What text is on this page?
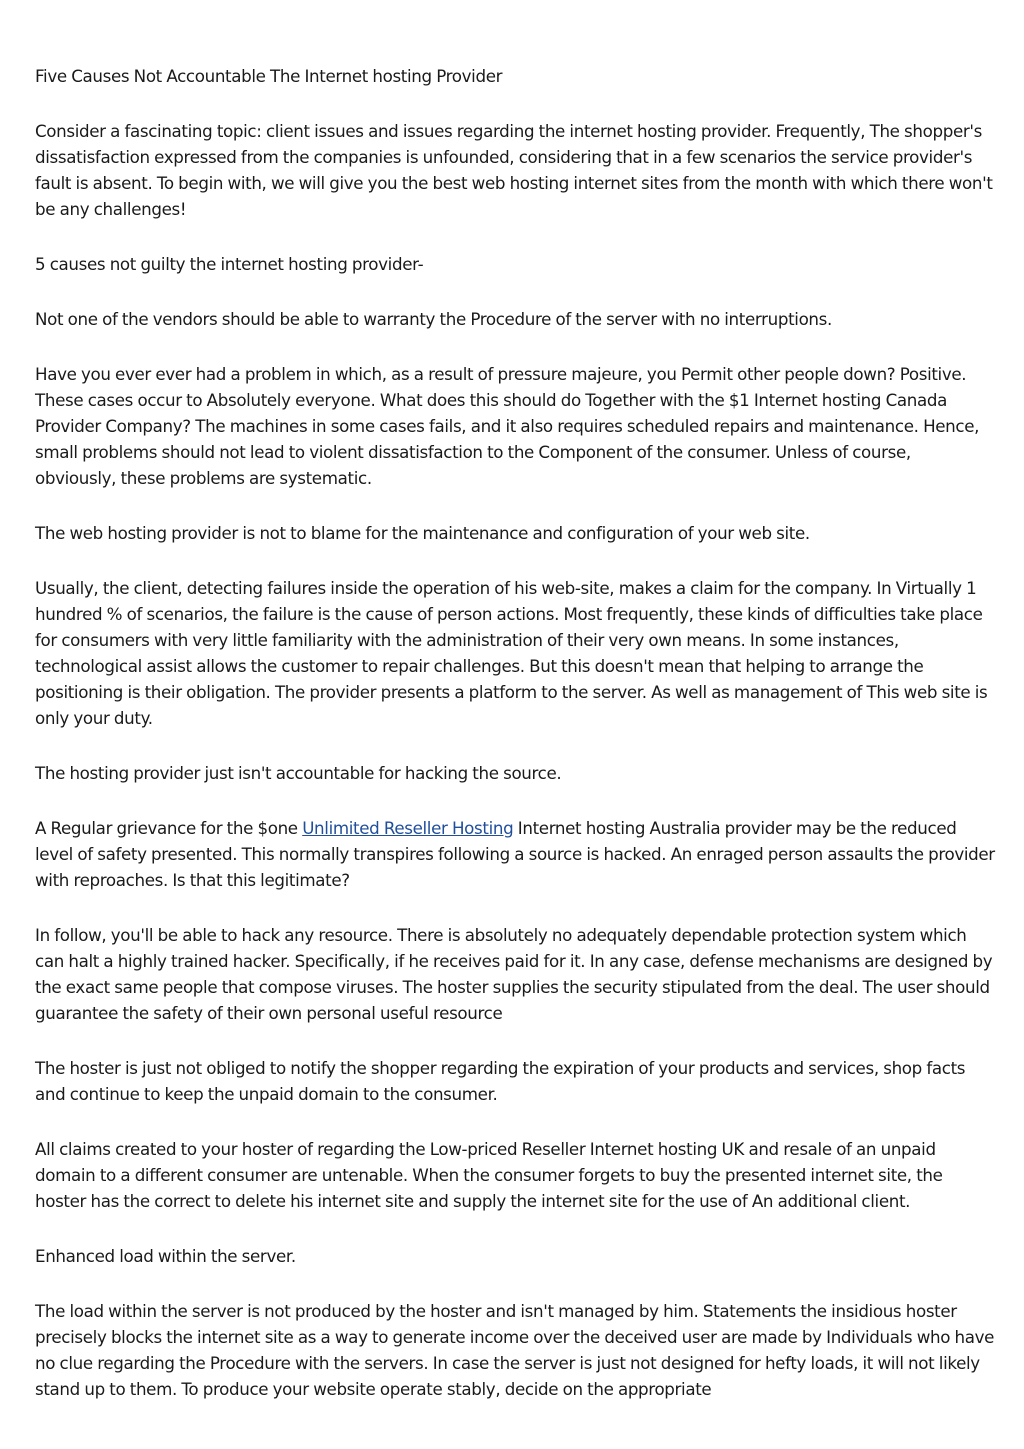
Five Causes Not Accountable The Internet hosting Provider

Consider a fascinating topic: client issues and issues regarding the internet hosting provider. Frequently, The shopper's dissatisfaction expressed from the companies is unfounded, considering that in a few scenarios the service provider's fault is absent. To begin with, we will give you the best web hosting internet sites from the month with which there won't be any challenges!

5 causes not guilty the internet hosting provider-

Not one of the vendors should be able to warranty the Procedure of the server with no interruptions.

Have you ever ever had a problem in which, as a result of pressure majeure, you Permit other people down? Positive. These cases occur to Absolutely everyone. What does this should do Together with the $1 Internet hosting Canada Provider Company? The machines in some cases fails, and it also requires scheduled repairs and maintenance. Hence, small problems should not lead to violent dissatisfaction to the Component of the consumer. Unless of course, obviously, these problems are systematic.

The web hosting provider is not to blame for the maintenance and configuration of your web site.

Usually, the client, detecting failures inside the operation of his web-site, makes a claim for the company. In Virtually 1 hundred % of scenarios, the failure is the cause of person actions. Most frequently, these kinds of difficulties take place for consumers with very little familiarity with the administration of their very own means. In some instances, technological assist allows the customer to repair challenges. But this doesn't mean that helping to arrange the positioning is their obligation. The provider presents a platform to the server. As well as management of This web site is only your duty.

The hosting provider just isn't accountable for hacking the source.

A Regular grievance for the $one Unlimited Reseller Hosting Internet hosting Australia provider may be the reduced level of safety presented. This normally transpires following a source is hacked. An enraged person assaults the provider with reproaches. Is that this legitimate?

In follow, you'll be able to hack any resource. There is absolutely no adequately dependable protection system which can halt a highly trained hacker. Specifically, if he receives paid for it. In any case, defense mechanisms are designed by the exact same people that compose viruses. The hoster supplies the security stipulated from the deal. The user should guarantee the safety of their own personal useful resource

The hoster is just not obliged to notify the shopper regarding the expiration of your products and services, shop facts and continue to keep the unpaid domain to the consumer.

All claims created to your hoster of regarding the Low-priced Reseller Internet hosting UK and resale of an unpaid domain to a different consumer are untenable. When the consumer forgets to buy the presented internet site, the hoster has the correct to delete his internet site and supply the internet site for the use of An additional client.

Enhanced load within the server.

The load within the server is not produced by the hoster and isn't managed by him. Statements the insidious hoster precisely blocks the internet site as a way to generate income over the deceived user are made by Individuals who have no clue regarding the Procedure with the servers. In case the server is just not designed for hefty loads, it will not likely stand up to them. To produce your website operate stably, decide on the appropriate
